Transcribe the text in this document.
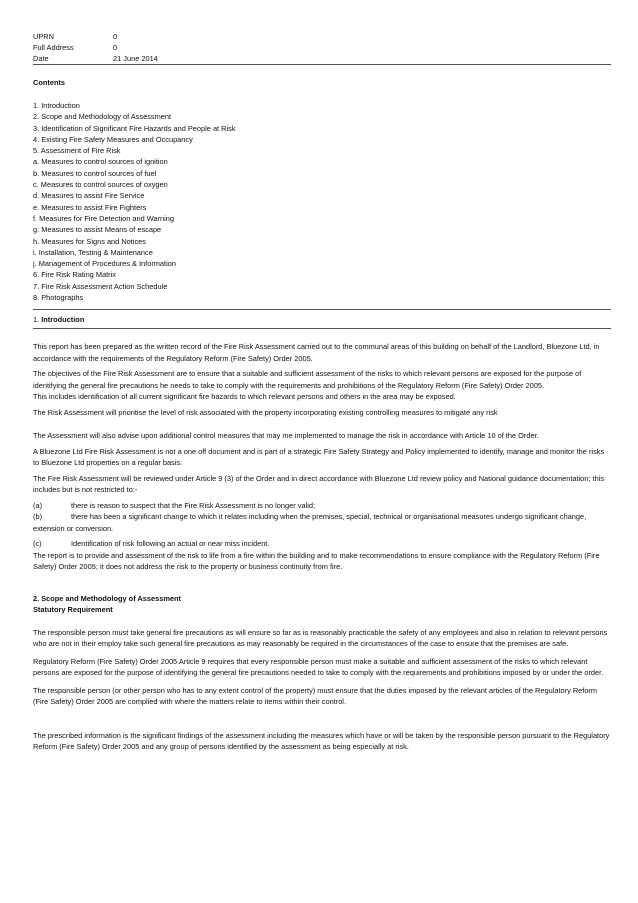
UPRN	0
Full Address	0
Date	21 June 2014
Contents
1. Introduction
2. Scope and Methodology of Assessment
3. Identification of Significant Fire Hazards and People at Risk
4. Existing Fire Safety Measures and Occupancy
5. Assessment of Fire Risk
a. Measures to control sources of ignition
b. Measures to control sources of fuel
c. Measures to control sources of oxygen
d. Measures to assist Fire Service
e. Measures to assist Fire Fighters
f. Measures for Fire Detection and Warning
g. Measures to assist Means of escape
h. Measures for Signs and Notices
i. Installation, Testing & Maintenance
j. Management of Procedures & Information
6. Fire Risk Rating Matrix
7. Fire Risk Assessment Action Schedule
8. Photographs
1. Introduction

This report has been prepared as the written record of the Fire Risk Assessment carried out to the communal areas of this building on behalf of the Landlord, Bluezone Ltd, in accordance with the requirements of the Regulatory Reform (Fire Safety) Order 2005.

The objectives of the Fire Risk Assessment are to ensure that a suitable and sufficient assessment of the risks to which relevant persons are exposed for the purpose of identifying the general fire precautions he needs to take to comply with the requirements and prohibitions of the Regulatory Reform (Fire Safety) Order 2005.

This includes identification of all current significant fire hazards to which relevant persons and others in the area may be exposed.

The Risk Assessment will prioritise the level of risk associated with the property incorporating existing controlling measures to mitigate any risk

The Assessment will also advise upon additional control measures that may me implemented to manage the risk in accordance with Article 10 of the Order.

A Bluezone Ltd Fire Risk Assessment is not a one off document and is part of a strategic Fire Safety Strategy and Policy implemented to identify, manage and monitor the risks to Bluezone Ltd properties on a regular basis.

The Fire Risk Assessment will be reviewed under Article 9 (3) of the Order and in direct accordance with Bluezone Ltd review policy and National guidance documentation; this includes but is not restricted to:-

(a)	there is reason to suspect that the Fire Risk Assessment is no longer valid;

(b)	there has been a significant change to which it relates including when the premises, special, technical or organisational measures undergo significant change, extension or conversion.

(c)	Identification of risk following an actual or near miss incident.

The report is to provide and assessment of the risk to life from a fire within the building and to make recommendations to ensure compliance with the Regulatory Reform (Fire Safety) Order 2005; it does not address the risk to the property or business continuity from fire.

2. Scope and Methodology of Assessment
Statutory Requirement

The responsible person must take general fire precautions as will ensure so far as is reasonably practicable the safety of any employees and also in relation to relevant persons who are not in their employ take such general fire precautions as may reasonably be required in the circumstances of the case to ensure that the premises are safe.

Regulatory Reform (Fire Safety) Order 2005 Article 9 requires that every responsible person must make a suitable and sufficient assessment of the risks to which relevant persons are exposed for the purpose of identifying the general fire precautions needed to take to comply with the requirements and prohibitions imposed by or under the order.

The responsible person (or other person who has to any extent control of the property) must ensure that the duties imposed by the relevant articles of the Regulatory Reform (Fire Safety) Order 2005 are complied with where the matters relate to items within their control.

The prescribed information is the significant findings of the assessment including the measures which have or will be taken by the responsible person pursuant to the Regulatory Reform (Fire Safety) Order 2005 and any group of persons identified by the assessment as being especially at risk.
